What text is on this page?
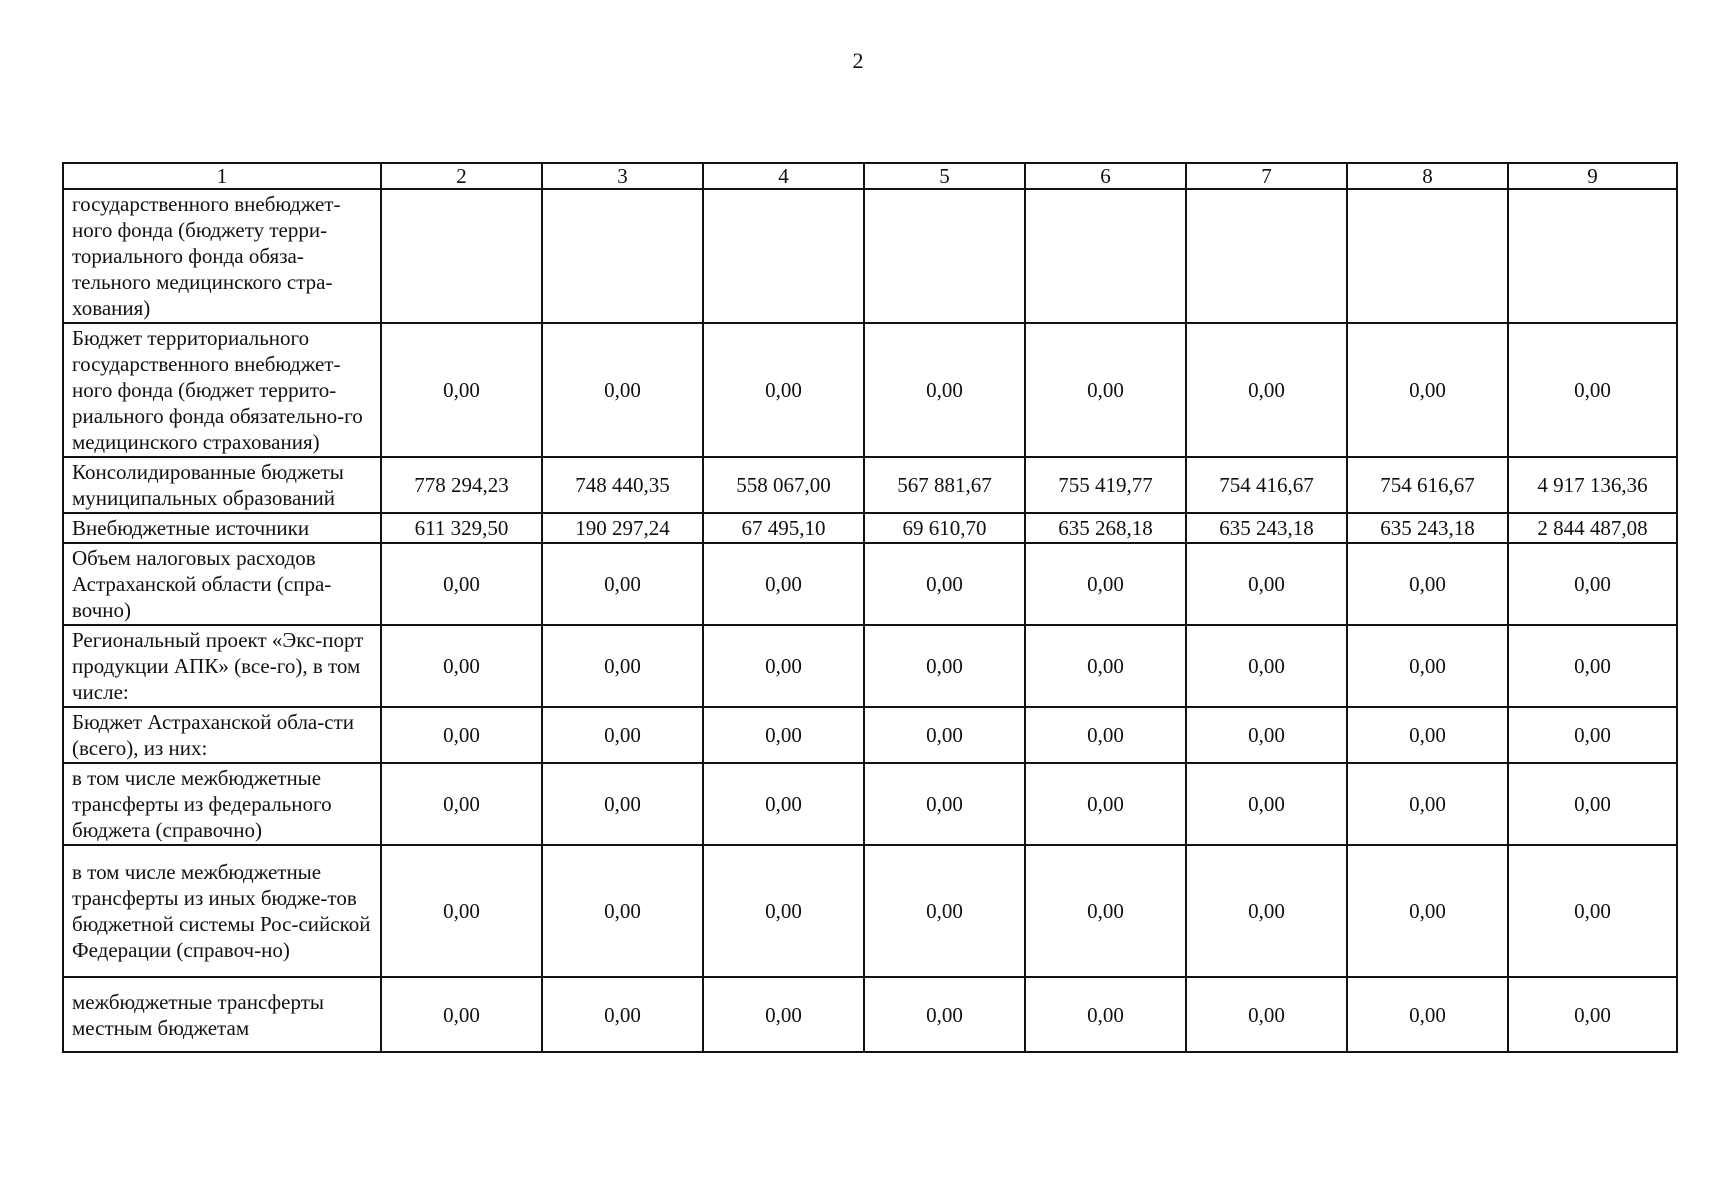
2
1	2	3	4	5	6	7	8	9
государственного внебюджет-ного фонда (бюджету терри-ториального фонда обяза-тельного медицинского стра-хования)								
Бюджет территориального государственного внебюджет-ного фонда (бюджет террито-риального фонда обязательно-го медицинского страхования)	0,00	0,00	0,00	0,00	0,00	0,00	0,00	0,00
Консолидированные бюджеты муниципальных образований	778 294,23	748 440,35	558 067,00	567 881,67	755 419,77	754 416,67	754 616,67	4 917 136,36
Внебюджетные источники	611 329,50	190 297,24	67 495,10	69 610,70	635 268,18	635 243,18	635 243,18	2 844 487,08
Объем налоговых расходов Астраханской области (спра-вочно)	0,00	0,00	0,00	0,00	0,00	0,00	0,00	0,00
Региональный проект «Экс-порт продукции АПК» (все-го), в том числе:	0,00	0,00	0,00	0,00	0,00	0,00	0,00	0,00
Бюджет Астраханской обла-сти (всего), из них:	0,00	0,00	0,00	0,00	0,00	0,00	0,00	0,00
в том числе межбюджетные трансферты из федерального бюджета (справочно)	0,00	0,00	0,00	0,00	0,00	0,00	0,00	0,00
в том числе межбюджетные трансферты из иных бюдже-тов бюджетной системы Рос-сийской Федерации (справоч-но)	0,00	0,00	0,00	0,00	0,00	0,00	0,00	0,00
межбюджетные трансферты местным бюджетам	0,00	0,00	0,00	0,00	0,00	0,00	0,00	0,00
